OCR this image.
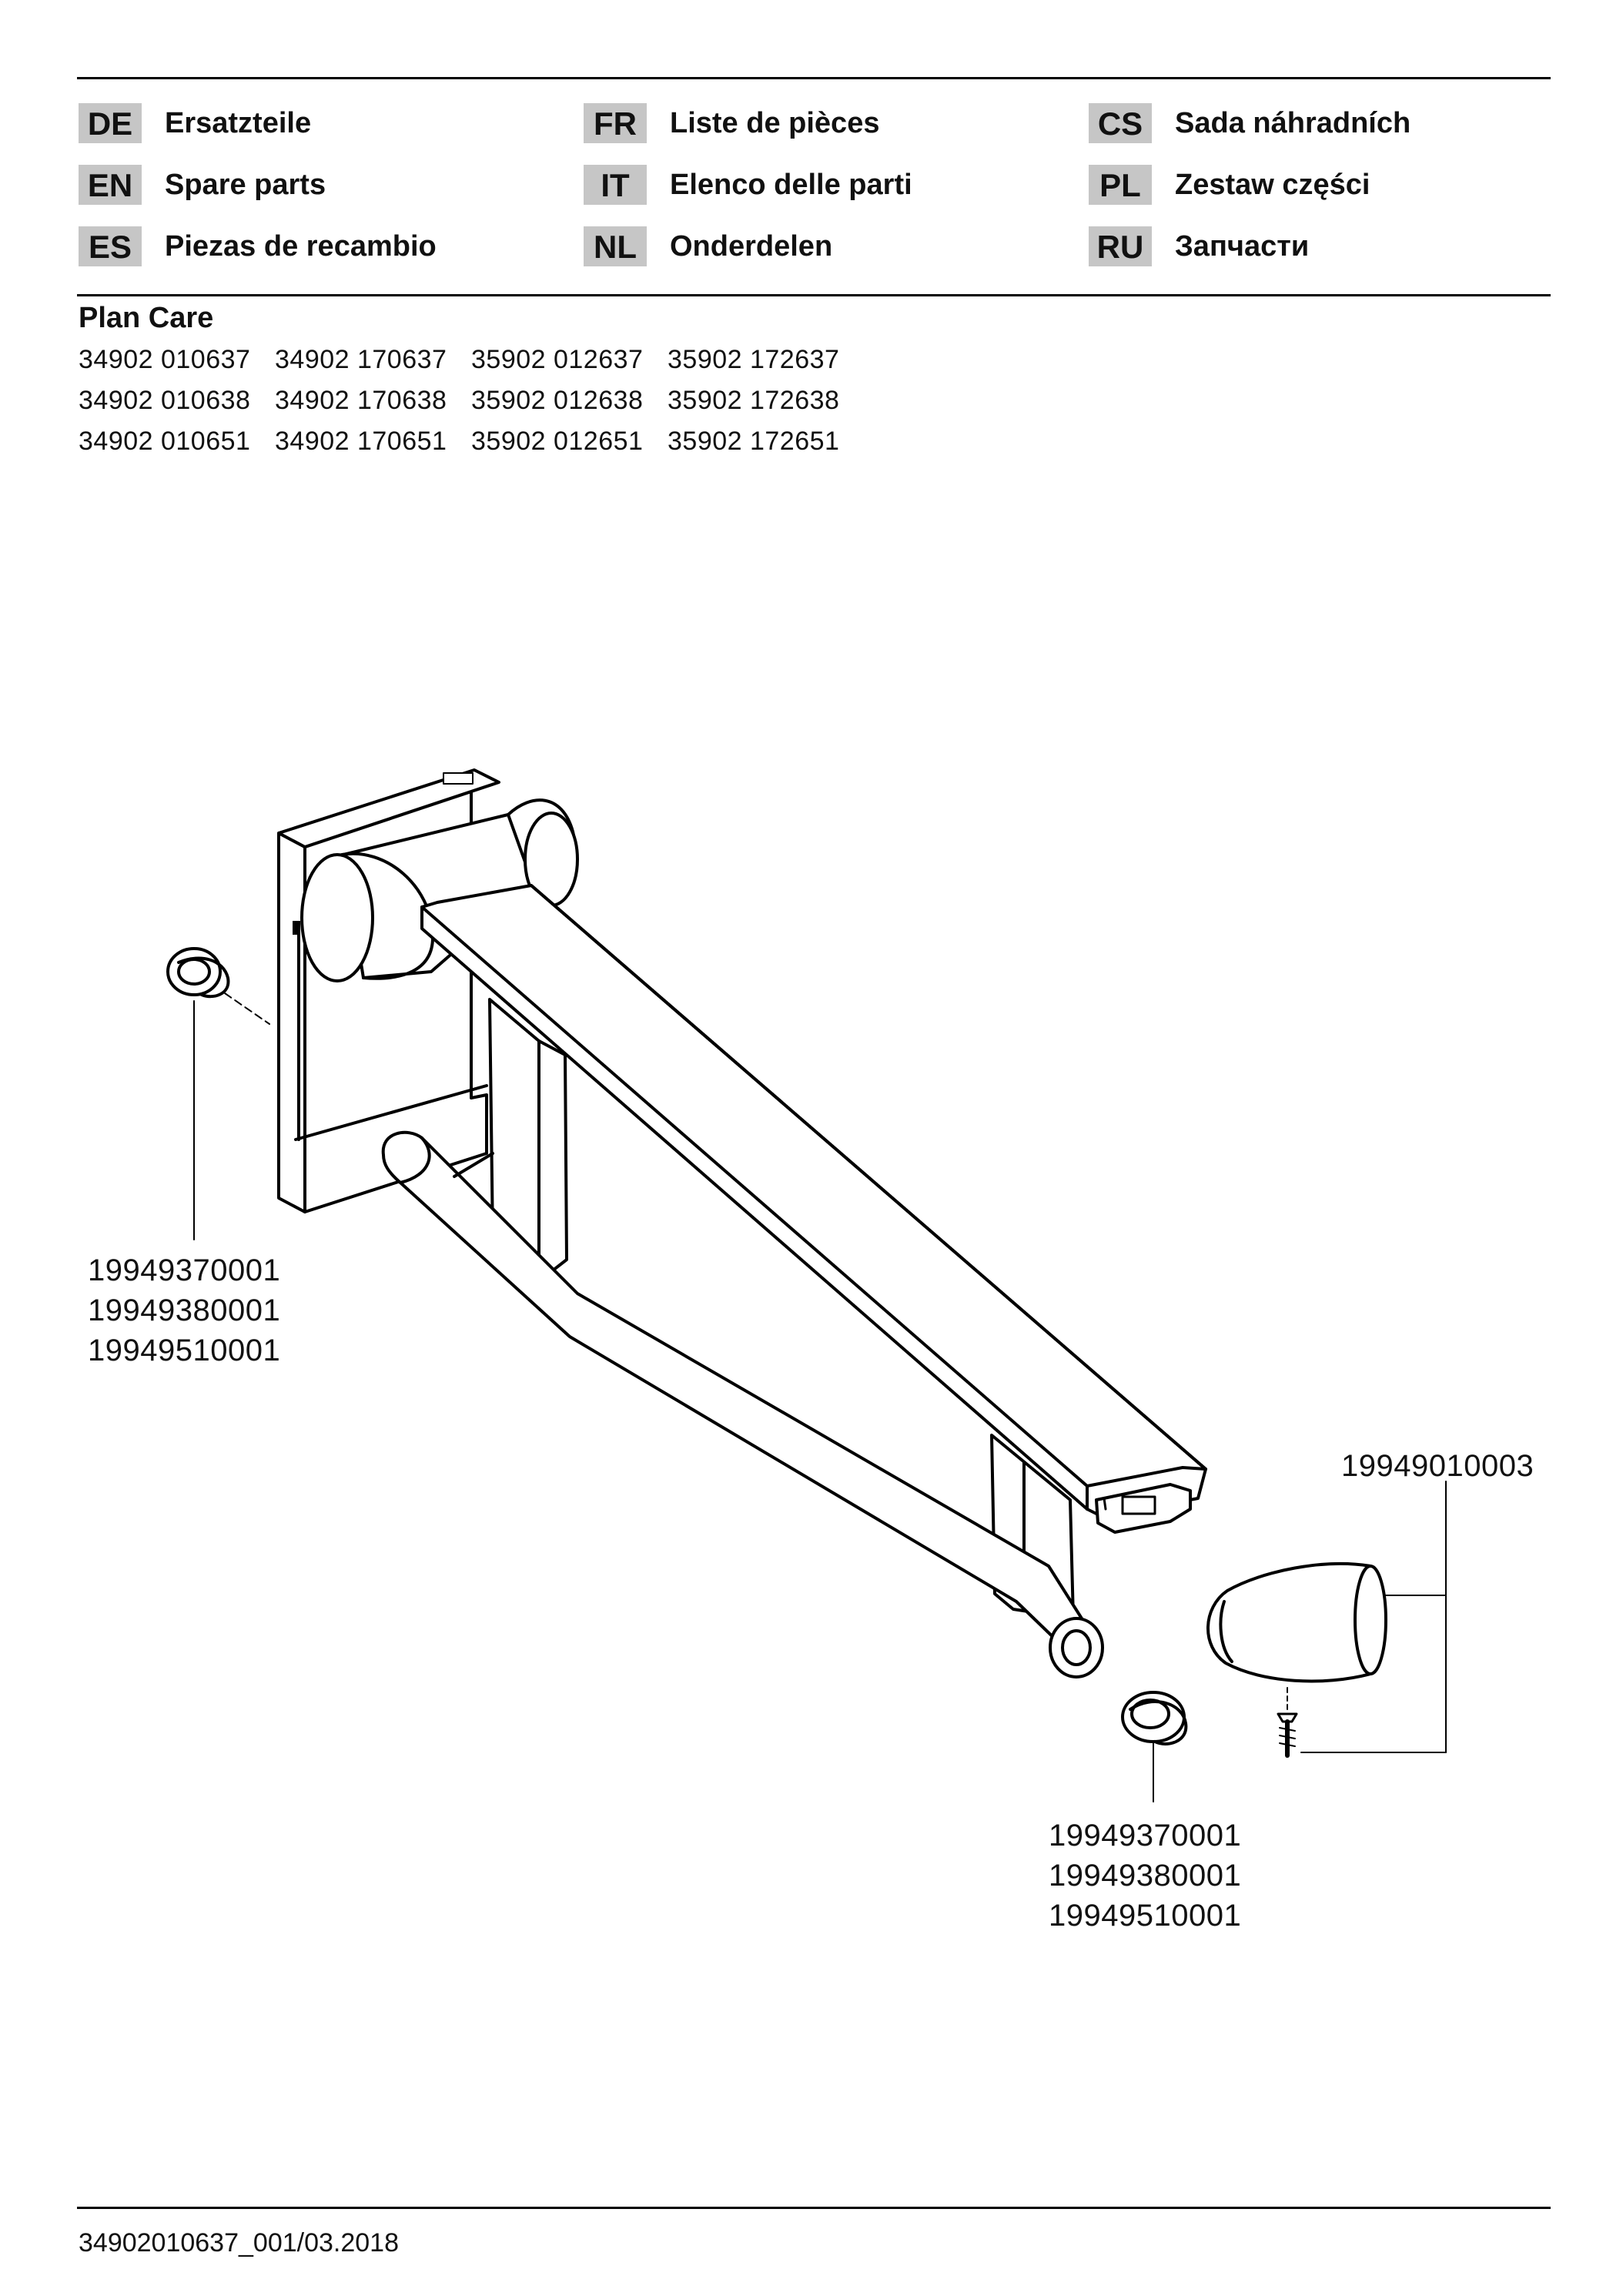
DE	Ersatzteile
EN	Spare parts
ES	Piezas de recambio
FR	Liste de pièces
IT	Elenco delle parti
NL	Onderdelen
CS	Sada náhradních
PL	Zestaw części
RU Запчасти
Plan Care
34902 010637 34902 170637 35902 012637 35902 172637
34902 010638 34902 170638 35902 012638 35902 172638
34902 010651 34902 170651 35902 012651 35902 172651
19949370001
19949380001
19949510001
19949010003
19949370001
19949380001
19949510001
34902010637_001/03.2018
